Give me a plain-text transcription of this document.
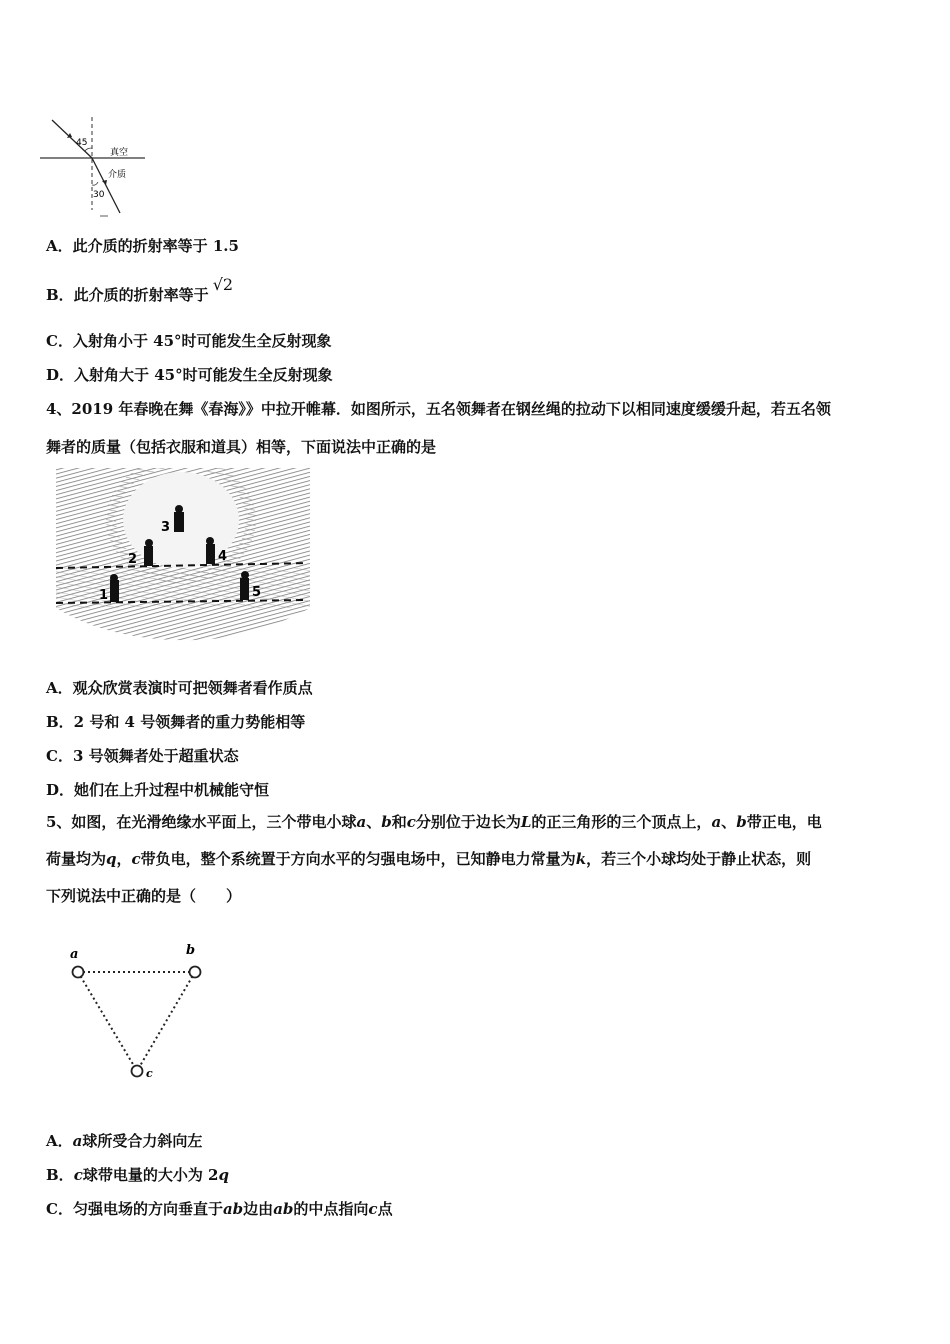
45
30
真空
介质
A．此介质的折射率等于 1.5
B．此介质的折射率等于√2
C．入射角小于 45°时可能发生全反射现象
D．入射角大于 45°时可能发生全反射现象
4、2019 年春晚在舞《春海》》中拉开帷幕．如图所示，五名领舞者在钢丝绳的拉动下以相同速度缓缓升起，若五名领
舞者的质量（包括衣服和道具）相等，下面说法中正确的是
1
2
3
4
5
A．观众欣赏表演时可把领舞者看作质点
B．2 号和 4 号领舞者的重力势能相等
C．3 号领舞者处于超重状态
D．她们在上升过程中机械能守恒
5、如图，在光滑绝缘水平面上，三个带电小球a、b和c分别位于边长为L的正三角形的三个顶点上，a、b带正电，电
荷量均为q，c带负电，整个系统置于方向水平的匀强电场中，已知静电力常量为k，若三个小球均处于静止状态，则
下列说法中正确的是（　　）
a	b
c
A．a球所受合力斜向左
B．c球带电量的大小为 2q
C．匀强电场的方向垂直于ab边由ab的中点指向c点
